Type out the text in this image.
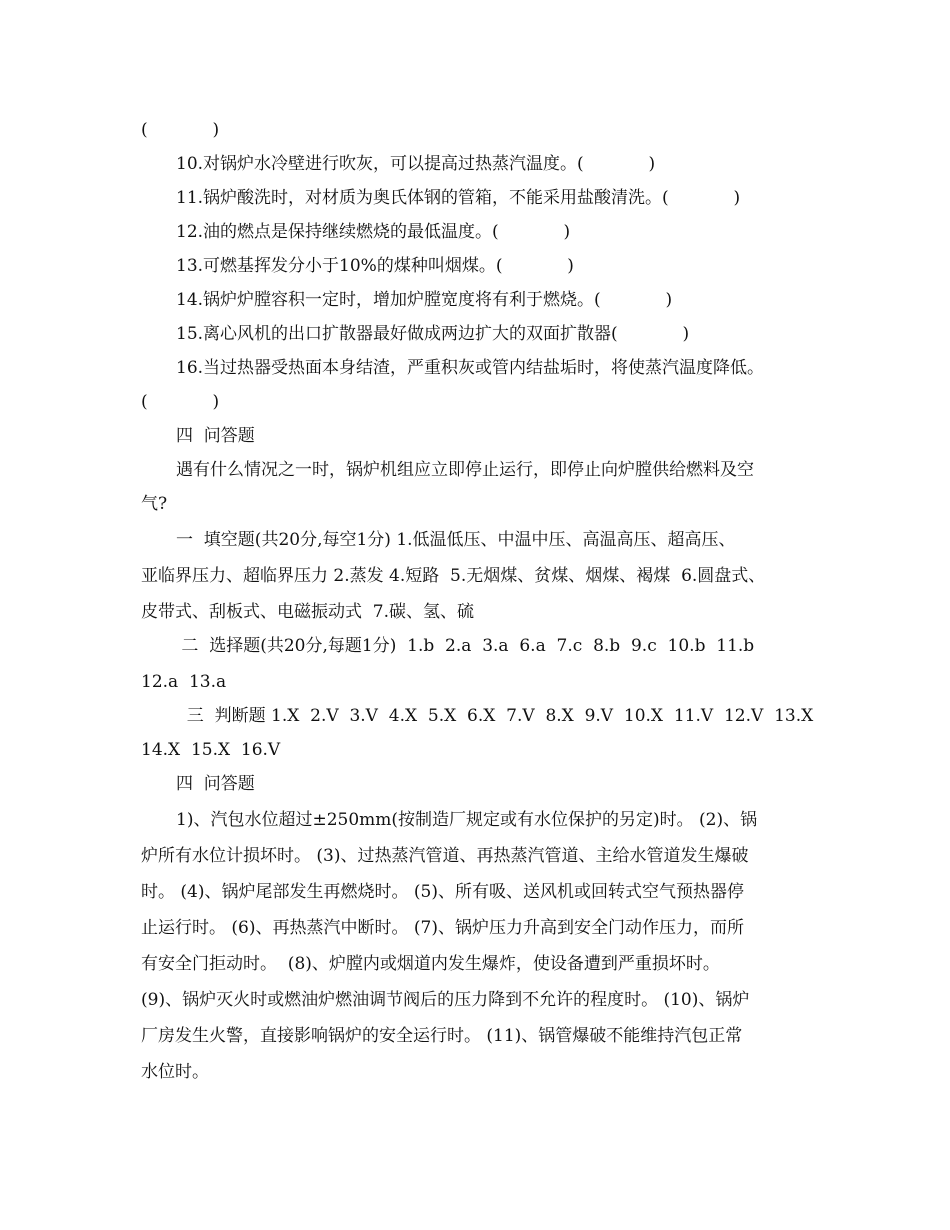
(            )
10.对锅炉水冷壁进行吹灰，可以提高过热蒸汽温度。(            )
11.锅炉酸洗时，对材质为奥氏体钢的管箱，不能采用盐酸清洗。(            )
12.油的燃点是保持继续燃烧的最低温度。(            )
13.可燃基挥发分小于10%的煤种叫烟煤。(            )
14.锅炉炉膛容积一定时，增加炉膛宽度将有利于燃烧。(            )
15.离心风机的出口扩散器最好做成两边扩大的双面扩散器(            )
16.当过热器受热面本身结渣，严重积灰或管内结盐垢时，将使蒸汽温度降低。
(            )
四  问答题
遇有什么情况之一时，锅炉机组应立即停止运行，即停止向炉膛供给燃料及空
气?
一  填空题(共20分,每空1分) 1.低温低压、中温中压、高温高压、超高压、
亚临界压力、超临界压力 2.蒸发 4.短路  5.无烟煤、贫煤、烟煤、褐煤  6.圆盘式、
皮带式、刮板式、电磁振动式  7.碳、氢、硫
二  选择题(共20分,每题1分)  1.b  2.a  3.a  6.a  7.c  8.b  9.c  10.b  11.b
12.a  13.a
三  判断题 1.X  2.V  3.V  4.X  5.X  6.X  7.V  8.X  9.V  10.X  11.V  12.V  13.X
14.X  15.X  16.V
四  问答题
1)、汽包水位超过±250mm(按制造厂规定或有水位保护的另定)时。 (2)、锅
炉所有水位计损坏时。 (3)、过热蒸汽管道、再热蒸汽管道、主给水管道发生爆破
时。 (4)、锅炉尾部发生再燃烧时。 (5)、所有吸、送风机或回转式空气预热器停
止运行时。 (6)、再热蒸汽中断时。 (7)、锅炉压力升高到安全门动作压力，而所
有安全门拒动时。  (8)、炉膛内或烟道内发生爆炸，使设备遭到严重损坏时。
(9)、锅炉灭火时或燃油炉燃油调节阀后的压力降到不允许的程度时。 (10)、锅炉
厂房发生火警，直接影响锅炉的安全运行时。 (11)、锅管爆破不能维持汽包正常
水位时。
